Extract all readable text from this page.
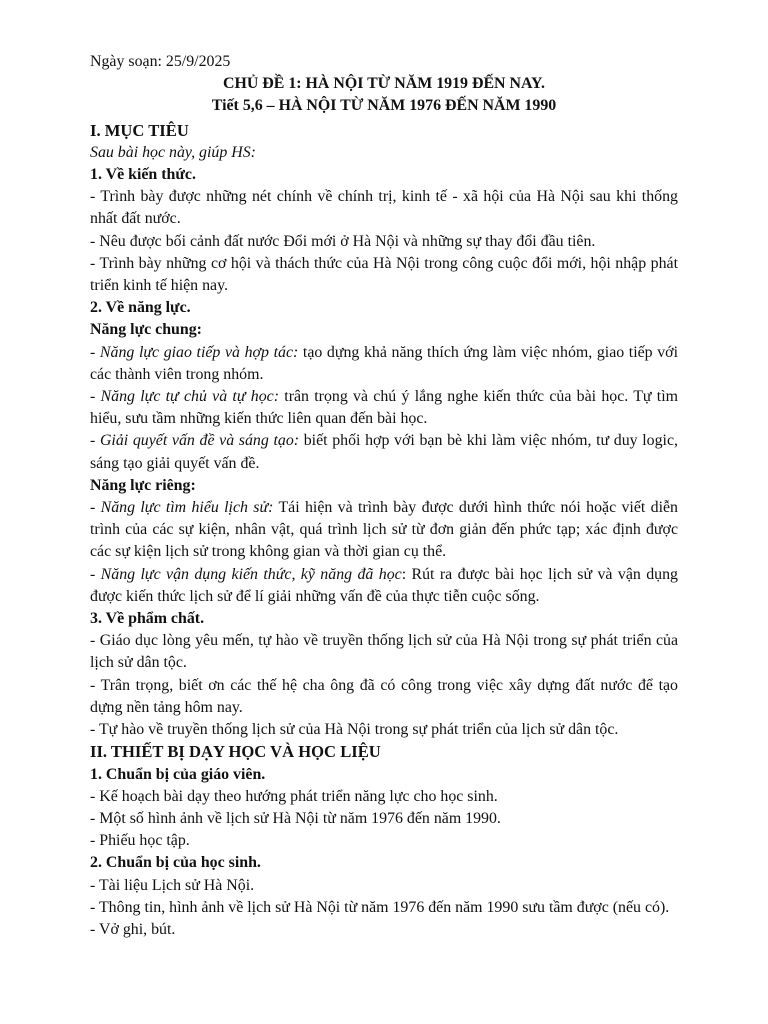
Ngày soạn: 25/9/2025

CHỦ ĐỀ 1: HÀ NỘI TỪ NĂM 1919 ĐẾN NAY.

Tiết 5,6 – HÀ NỘI TỪ NĂM 1976 ĐẾN NĂM 1990

I. MỤC TIÊU

Sau bài học này, giúp HS:

1. Về kiến thức.

- Trình bày được những nét chính về chính trị, kinh tế - xã hội của Hà Nội sau khi thống nhất đất nước.

- Nêu được bối cảnh đất nước Đổi mới ở Hà Nội và những sự thay đổi đầu tiên.

- Trình bày những cơ hội và thách thức của Hà Nội trong công cuộc đổi mới, hội nhập phát triển kinh tế hiện nay.

2. Về năng lực.

Năng lực chung:

- Năng lực giao tiếp và hợp tác: tạo dựng khả năng thích ứng làm việc nhóm, giao tiếp với các thành viên trong nhóm.

- Năng lực tự chủ và tự học: trân trọng và chú ý lắng nghe kiến thức của bài học. Tự tìm hiểu, sưu tầm những kiến thức liên quan đến bài học.

- Giải quyết vấn đề và sáng tạo: biết phối hợp với bạn bè khi làm việc nhóm, tư duy logic, sáng tạo giải quyết vấn đề.

Năng lực riêng:

- Năng lực tìm hiểu lịch sử: Tái hiện và trình bày được dưới hình thức nói hoặc viết diễn trình của các sự kiện, nhân vật, quá trình lịch sử từ đơn giản đến phức tạp; xác định được các sự kiện lịch sử trong không gian và thời gian cụ thể.

- Năng lực vận dụng kiến thức, kỹ năng đã học: Rút ra được bài học lịch sử và vận dụng được kiến thức lịch sử để lí giải những vấn đề của thực tiễn cuộc sống.

3. Về phẩm chất.

- Giáo dục lòng yêu mến, tự hào về truyền thống lịch sử của Hà Nội trong sự phát triển của lịch sử dân tộc.

- Trân trọng, biết ơn các thế hệ cha ông đã có công trong việc xây dựng đất nước để tạo dựng nền tảng hôm nay.

- Tự hào về truyền thống lịch sử của Hà Nội trong sự phát triển của lịch sử dân tộc.

II. THIẾT BỊ DẠY HỌC VÀ HỌC LIỆU

1. Chuẩn bị của giáo viên.

- Kế hoạch bài dạy theo hướng phát triển năng lực cho học sinh.

- Một số hình ảnh về lịch sử Hà Nội từ năm 1976 đến năm 1990.

- Phiếu học tập.

2. Chuẩn bị của học sinh.

- Tài liệu Lịch sử Hà Nội.

- Thông tin, hình ảnh về lịch sử Hà Nội từ năm 1976 đến năm 1990 sưu tầm được (nếu có).

- Vở ghi, bút.
